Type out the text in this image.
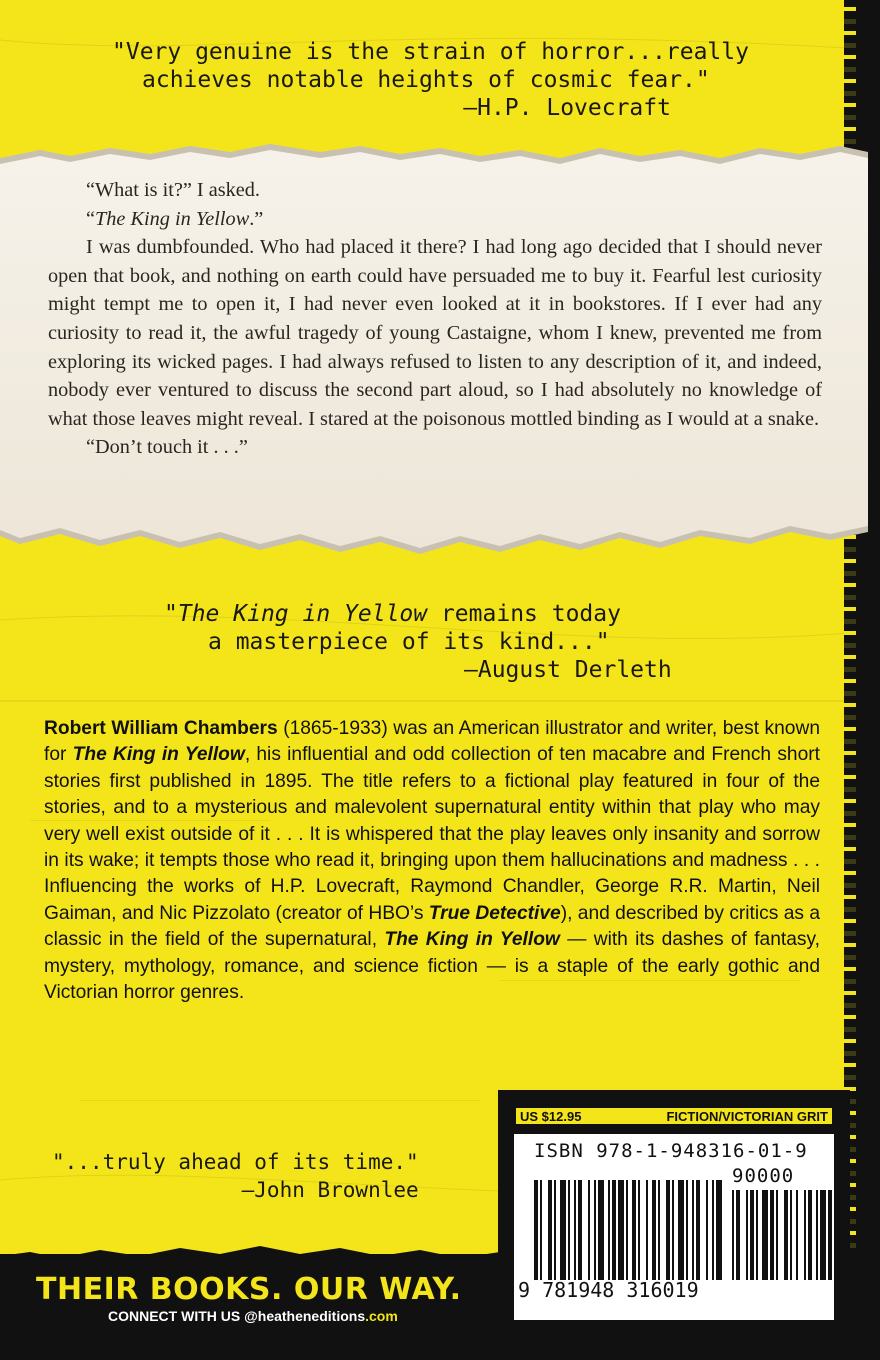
"Very genuine is the strain of horror...really
achieves notable heights of cosmic fear."
—H.P. Lovecraft

“What is it?” I asked.

“The King in Yellow.”

I was dumbfounded. Who had placed it there? I had long ago decided that I should never open that book, and nothing on earth could have persuaded me to buy it. Fearful lest curiosity might tempt me to open it, I had never even looked at it in bookstores. If I ever had any curiosity to read it, the awful tragedy of young Castaigne, whom I knew, prevented me from exploring its wicked pages. I had always refused to listen to any description of it, and indeed, nobody ever ventured to discuss the second part aloud, so I had absolutely no knowledge of what those leaves might reveal. I stared at the poisonous mottled binding as I would at a snake.

“Don’t touch it . . .”

"The King in Yellow remains today
a masterpiece of its kind..."
—August Derleth
Robert William Chambers (1865-1933) was an American illustrator and writer, best known for The King in Yellow, his influential and odd collection of ten macabre and French short stories first published in 1895. The title refers to a fictional play featured in four of the stories, and to a mysterious and malevolent supernatural entity within that play who may very well exist outside of it . . . It is whispered that the play leaves only insanity and sorrow in its wake; it tempts those who read it, bringing upon them hallucinations and madness . . . Influencing the works of H.P. Lovecraft, Raymond Chandler, George R.R. Martin, Neil Gaiman, and Nic Pizzolato (creator of HBO’s True Detective), and described by critics as a classic in the field of the supernatural, The King in Yellow — with its dashes of fantasy, mystery, mythology, romance, and science fiction — is a staple of the early gothic and Victorian horror genres.
"...truly ahead of its time."
—John Brownlee
THEIR BOOKS. OUR WAY.
CONNECT WITH US @heatheneditions.com
US $12.95	FICTION/VICTORIAN GRIT
ISBN 978-1-948316-01-9
90000
9 781948 316019
